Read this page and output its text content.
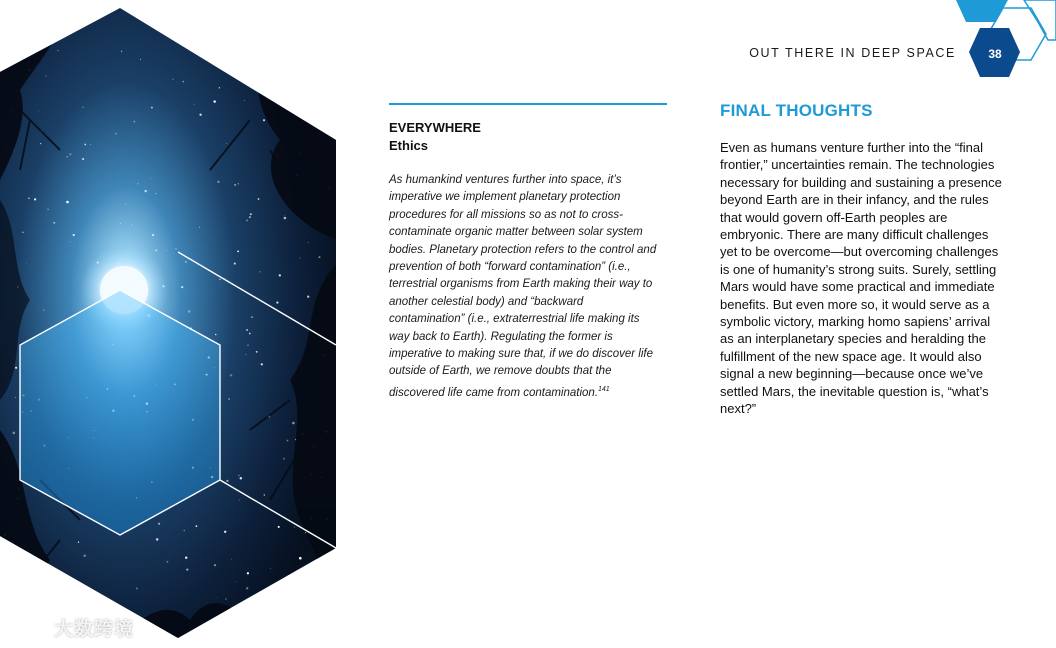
OUT THERE IN DEEP SPACE	38
EVERYWHERE
Ethics
As humankind ventures further into space, it’s imperative we implement planetary protection procedures for all missions so as not to cross-contaminate organic matter between solar system bodies. Planetary protection refers to the control and prevention of both “forward contamination” (i.e., terrestrial organisms from Earth making their way to another celestial body) and “backward contamination” (i.e., extraterrestrial life making its way back to Earth). Regulating the former is imperative to making sure that, if we do discover life outside of Earth, we remove doubts that the discovered life came from contamination.$^{141}$
FINAL THOUGHTS
Even as humans venture further into the “final frontier,” uncertainties remain. The technologies necessary for building and sustaining a presence beyond Earth are in their infancy, and the rules that would govern off-Earth peoples are embryonic. There are many difficult challenges yet to be overcome—but overcoming challenges is one of humanity’s strong suits. Surely, settling Mars would have some practical and immediate benefits. But even more so, it would serve as a symbolic victory, marking homo sapiens’ arrival as an interplanetary species and heralding the fulfillment of the new space age. It would also signal a new beginning—because once we’ve settled Mars, the inevitable question is, “what’s next?”
大数跨境
